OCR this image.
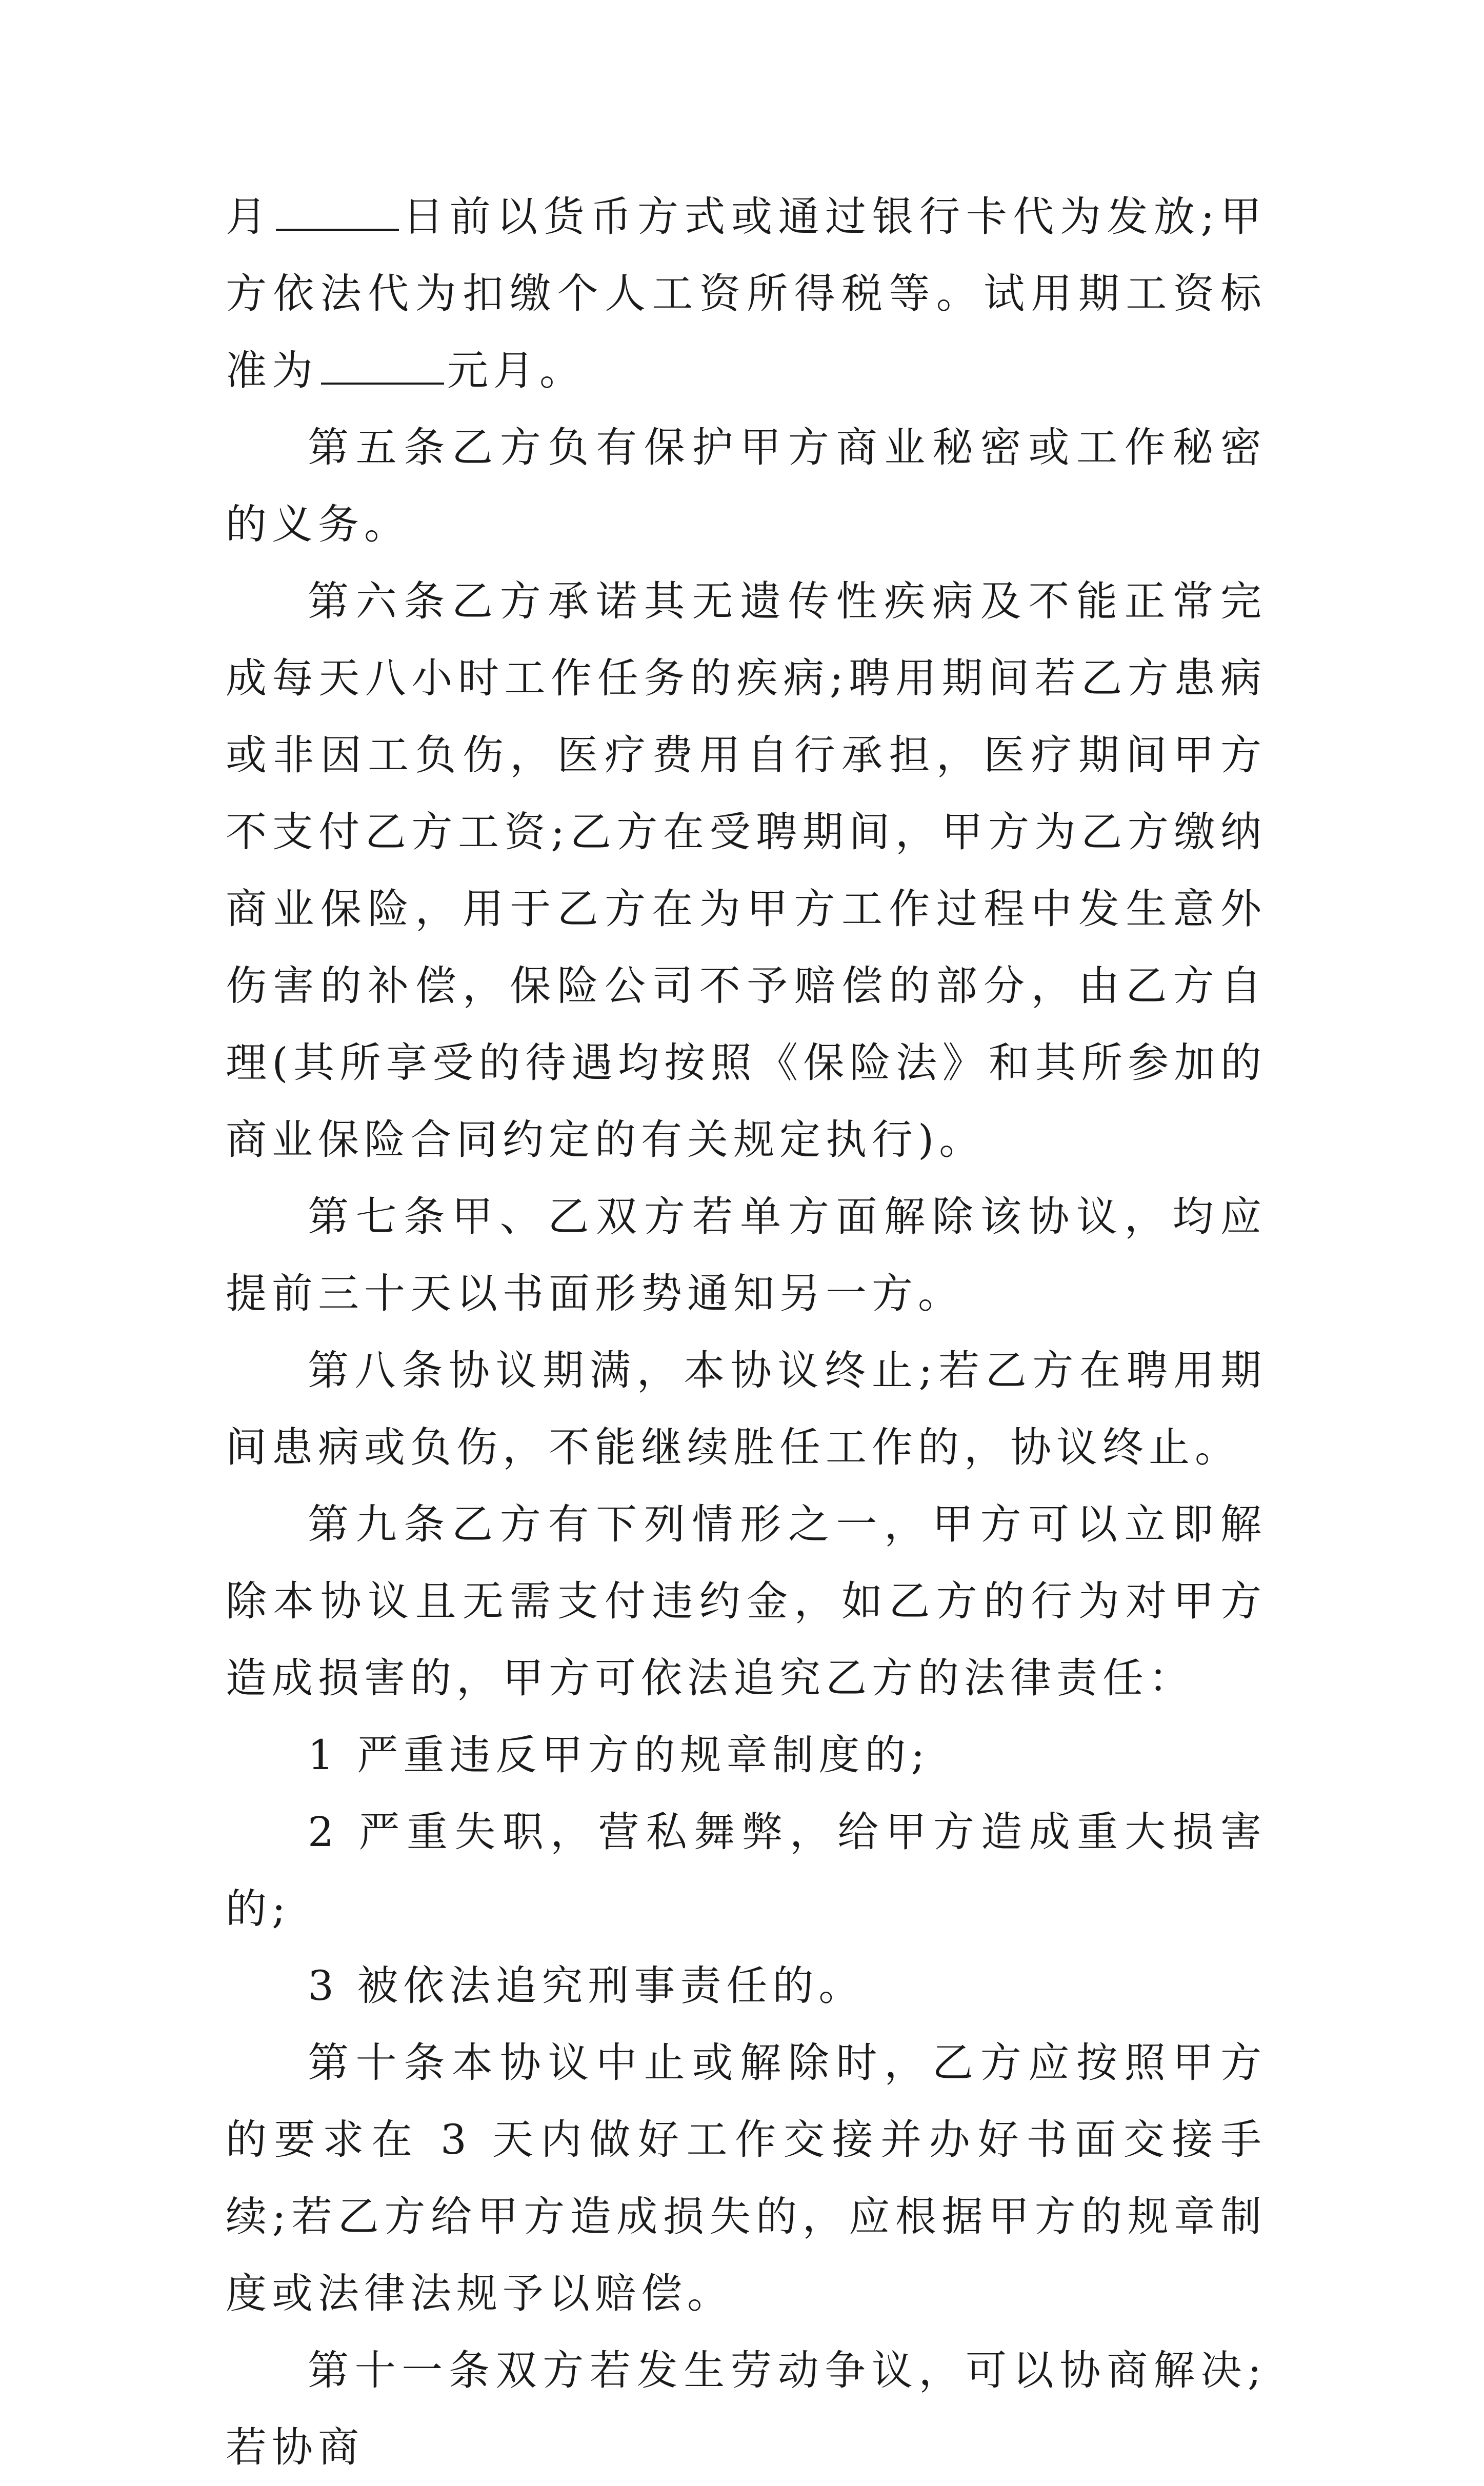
月	日前以货币方式或通过银行卡代为发放;甲方依法代为扣缴个人工资所得税等。试用期工资标准为	元月。

第五条乙方负有保护甲方商业秘密或工作秘密的义务。

第六条乙方承诺其无遗传性疾病及不能正常完成每天八小时工作任务的疾病;聘用期间若乙方患病或非因工负伤，医疗费用自行承担，医疗期间甲方不支付乙方工资;乙方在受聘期间，甲方为乙方缴纳商业保险，用于乙方在为甲方工作过程中发生意外伤害的补偿，保险公司不予赔偿的部分，由乙方自理(其所享受的待遇均按照《保险法》和其所参加的商业保险合同约定的有关规定执行)。

第七条甲、乙双方若单方面解除该协议，均应提前三十天以书面形势通知另一方。

第八条协议期满，本协议终止;若乙方在聘用期间患病或负伤，不能继续胜任工作的，协议终止。

第九条乙方有下列情形之一，甲方可以立即解除本协议且无需支付违约金，如乙方的行为对甲方造成损害的，甲方可依法追究乙方的法律责任：

1 严重违反甲方的规章制度的;

2 严重失职，营私舞弊，给甲方造成重大损害的;

3 被依法追究刑事责任的。

第十条本协议中止或解除时，乙方应按照甲方的要求在 3 天内做好工作交接并办好书面交接手续;若乙方给甲方造成损失的，应根据甲方的规章制度或法律法规予以赔偿。

第十一条双方若发生劳动争议，可以协商解决;若协商
